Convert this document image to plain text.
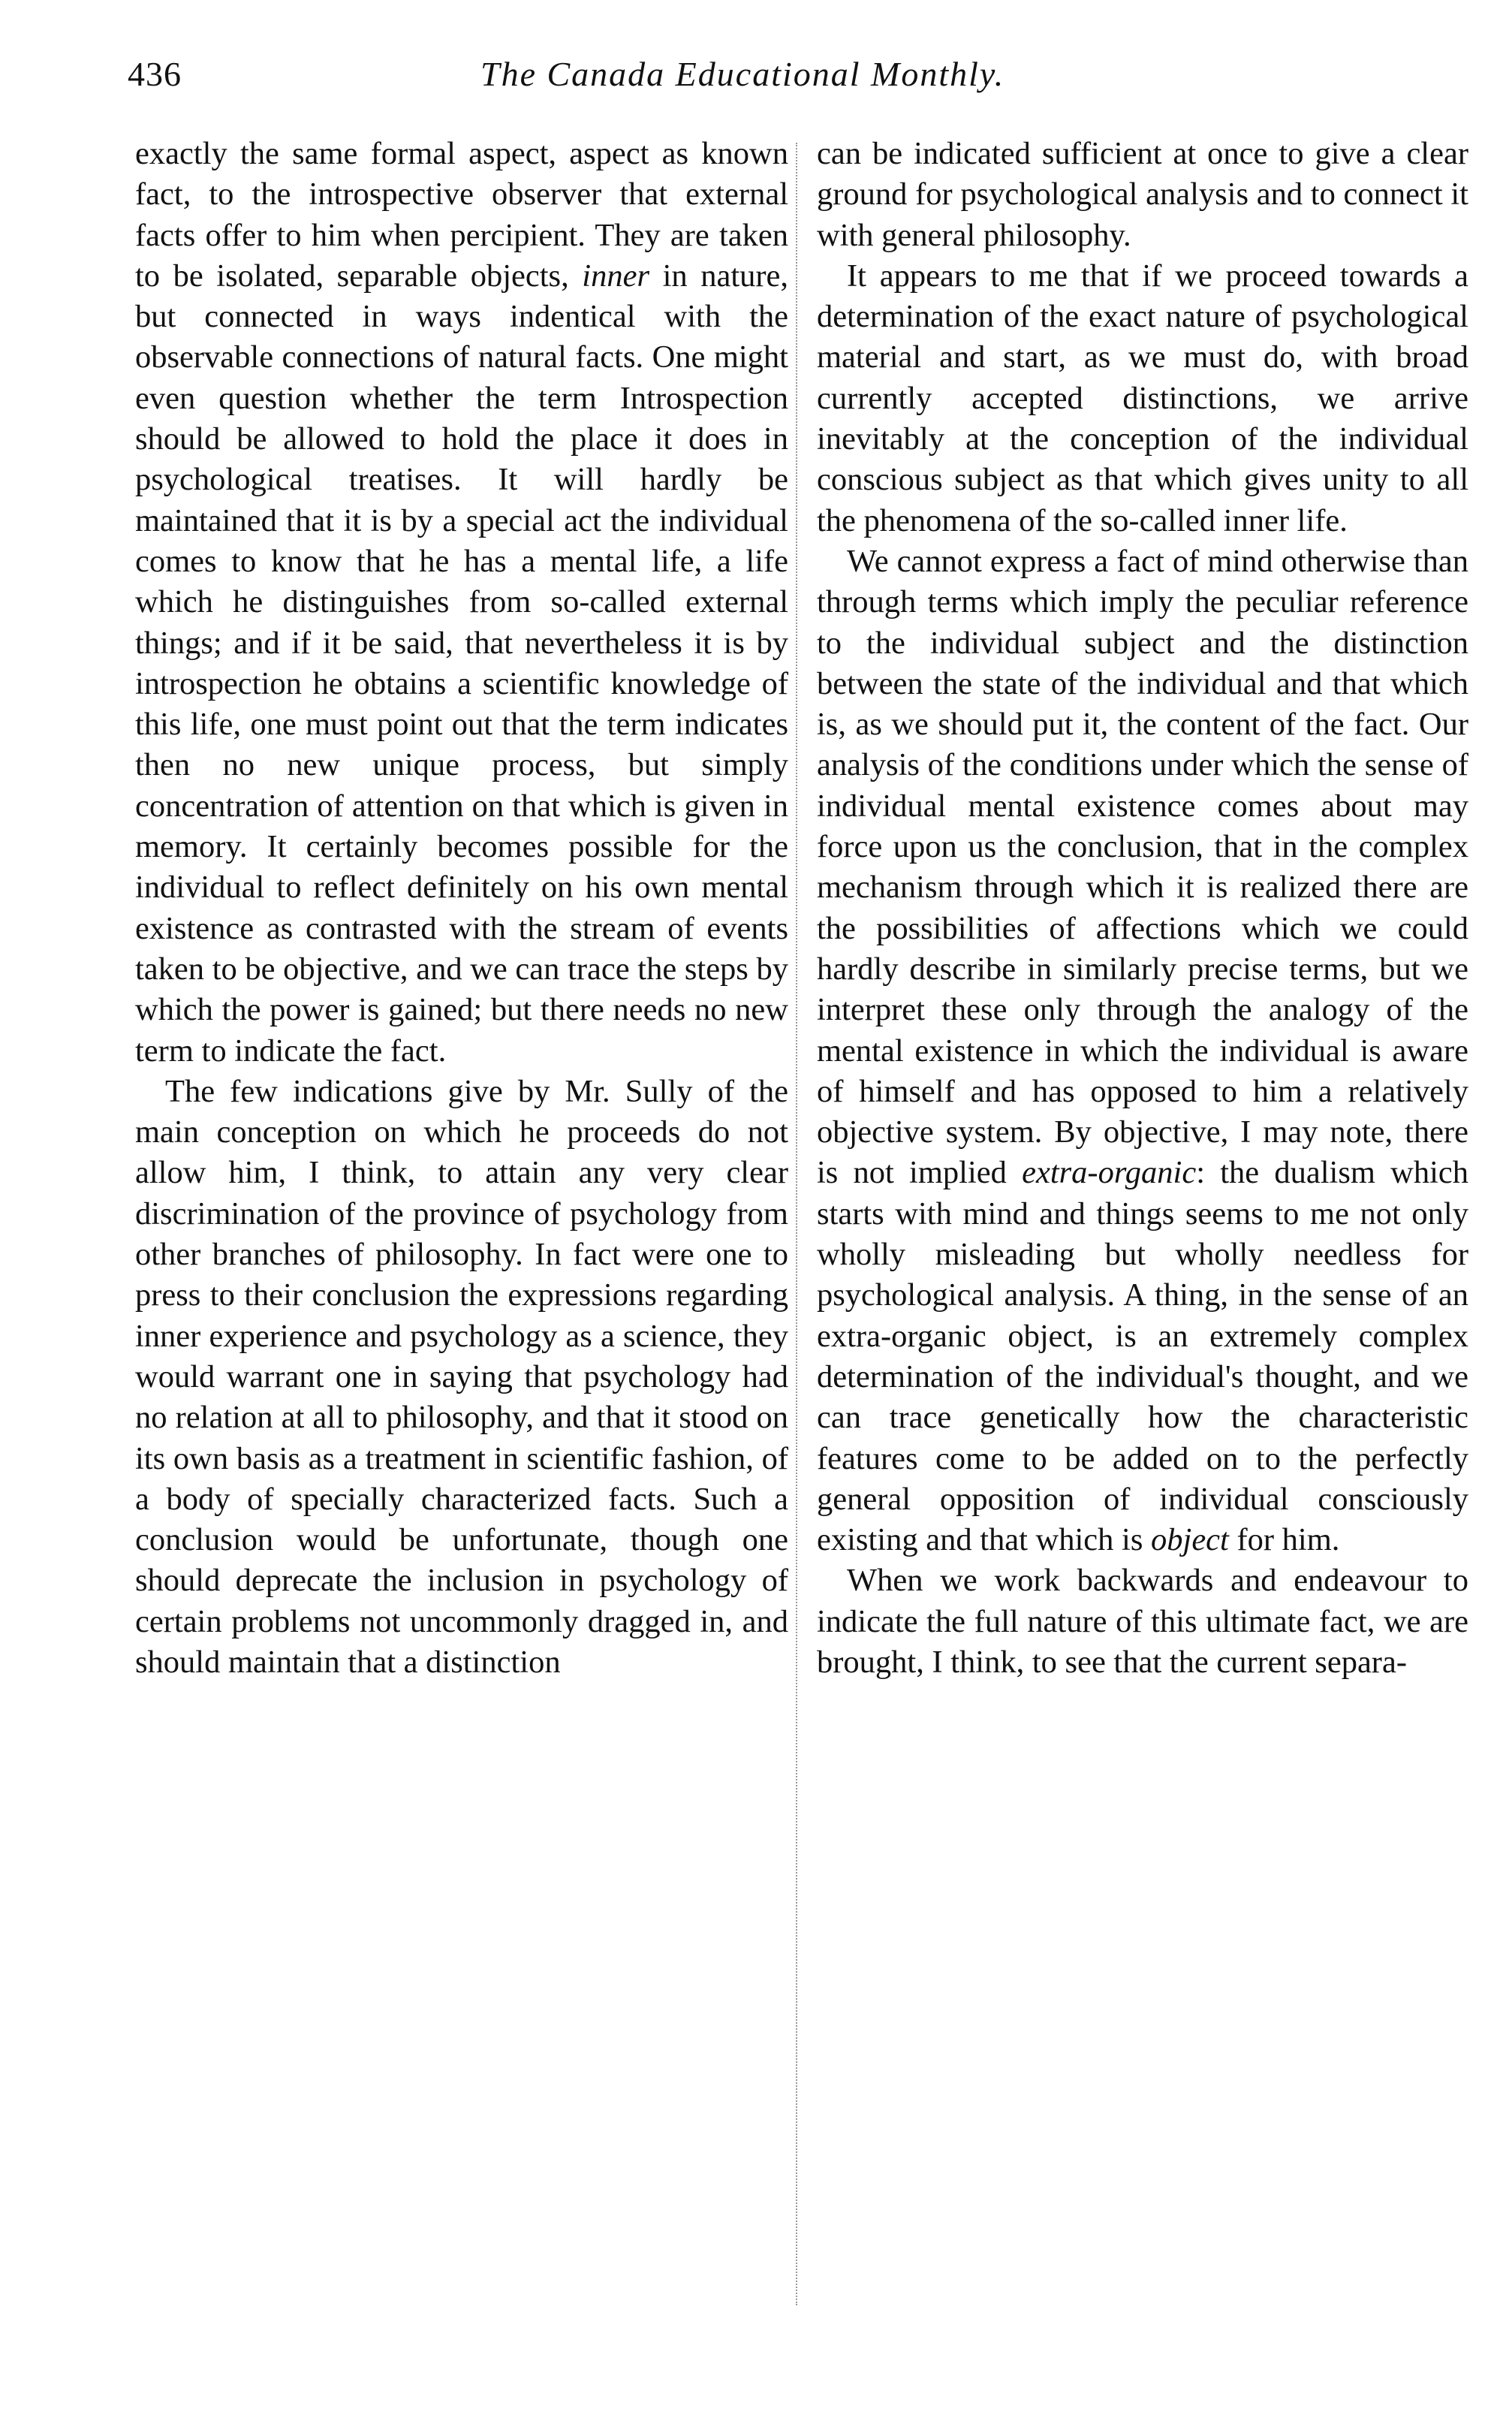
436	The Canada Educational Monthly.

exactly the same formal aspect, aspect as known fact, to the introspective observer that external facts offer to him when percipient. They are taken to be isolated, separable objects, inner in nature, but connected in ways indentical with the observable connections of natural facts. One might even question whether the term Introspection should be allowed to hold the place it does in psychological treatises. It will hardly be maintained that it is by a special act the individual comes to know that he has a mental life, a life which he distinguishes from so-called external things; and if it be said, that nevertheless it is by introspection he obtains a scientific knowledge of this life, one must point out that the term indicates then no new unique process, but simply concentration of attention on that which is given in memory. It certainly becomes possible for the individual to reflect definitely on his own mental existence as contrasted with the stream of events taken to be objective, and we can trace the steps by which the power is gained; but there needs no new term to indicate the fact.

The few indications give by Mr. Sully of the main conception on which he proceeds do not allow him, I think, to attain any very clear discrimination of the province of psychology from other branches of philosophy. In fact were one to press to their conclusion the expressions regarding inner experience and psychology as a science, they would warrant one in saying that psychology had no relation at all to philosophy, and that it stood on its own basis as a treatment in scientific fashion, of a body of specially characterized facts. Such a conclusion would be unfortunate, though one should deprecate the inclusion in psychology of certain problems not uncommonly dragged in, and should maintain that a distinction

can be indicated sufficient at once to give a clear ground for psychological analysis and to connect it with general philosophy.

It appears to me that if we proceed towards a determination of the exact nature of psychological material and start, as we must do, with broad currently accepted distinctions, we arrive inevitably at the conception of the individual conscious subject as that which gives unity to all the phenomena of the so-called inner life.

We cannot express a fact of mind otherwise than through terms which imply the peculiar reference to the individual subject and the distinction between the state of the individual and that which is, as we should put it, the content of the fact. Our analysis of the conditions under which the sense of individual mental existence comes about may force upon us the conclusion, that in the complex mechanism through which it is realized there are the possibilities of affections which we could hardly describe in similarly precise terms, but we interpret these only through the analogy of the mental existence in which the individual is aware of himself and has opposed to him a relatively objective system. By objective, I may note, there is not implied extra-organic: the dualism which starts with mind and things seems to me not only wholly misleading but wholly needless for psychological analysis. A thing, in the sense of an extra-organic object, is an extremely complex determination of the individual's thought, and we can trace genetically how the characteristic features come to be added on to the perfectly general opposition of individual consciously existing and that which is object for him.

When we work backwards and endeavour to indicate the full nature of this ultimate fact, we are brought, I think, to see that the current separa-
